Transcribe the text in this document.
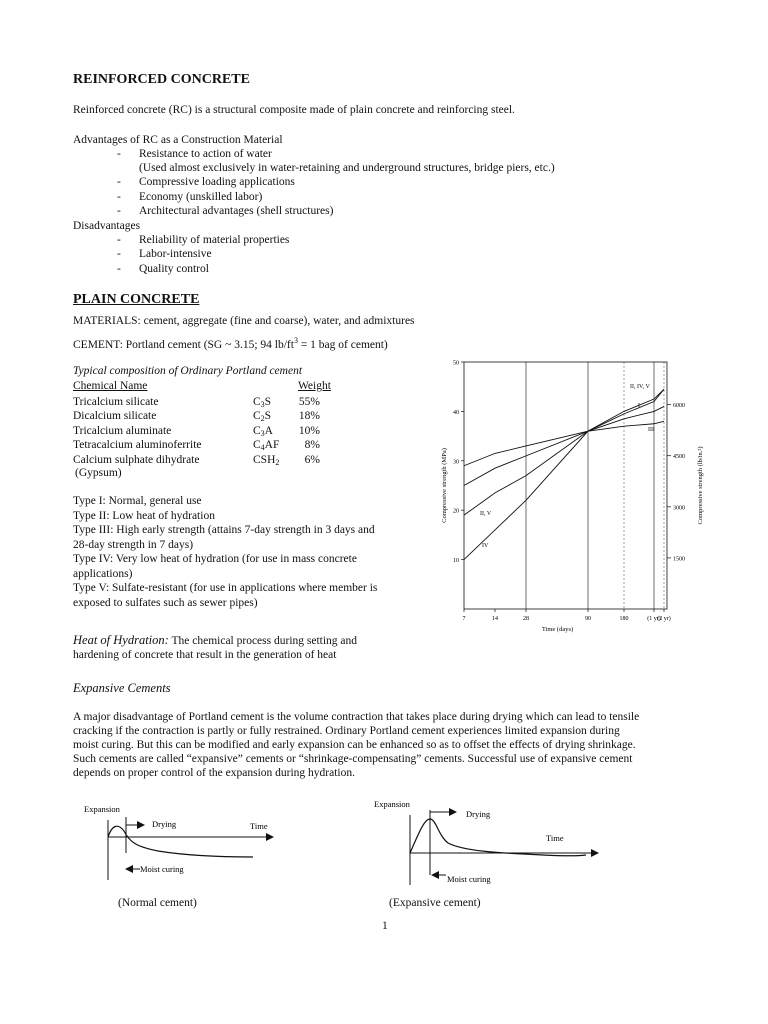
REINFORCED CONCRETE
Reinforced concrete (RC) is a structural composite made of plain concrete and reinforcing steel.
Advantages of RC as a Construction Material
- Resistance to action of water
(Used almost exclusively in water-retaining and underground structures, bridge piers, etc.)
- Compressive loading applications
- Economy (unskilled labor)
- Architectural advantages (shell structures)
Disadvantages
- Reliability of material properties
- Labor-intensive
- Quality control
PLAIN CONCRETE
MATERIALS: cement, aggregate (fine and coarse), water, and admixtures
CEMENT: Portland cement (SG ~ 3.15; 94 $lb/ft^3 = 1$ bag of cement)
Typical composition of Ordinary Portland cement
Chemical Name	Weight
Tricalcium silicate	$C_3S$	55%
Dicalcium silicate	$C_2S$	18%
Tricalcium aluminate	$C_3A$	10%
Tetracalcium aluminoferrite	$C_4AF$	8%
Calcium sulphate dihydrate	$CSH_2$	6%
(Gypsum)
Type I: Normal, general use
Type II: Low heat of hydration
Type III: High early strength (attains 7-day strength in 3 days and
28-day strength in 7 days)
Type IV: Very low heat of hydration (for use in mass concrete
applications)
Type V: Sulfate-resistant (for use in applications where member is
exposed to sulfates such as sewer pipes)
Heat of Hydration: The chemical process during setting and
hardening of concrete that result in the generation of heat
Expansive Cements
A major disadvantage of Portland cement is the volume contraction that takes place during drying which can lead to tensile
cracking if the contraction is partly or fully restrained. Ordinary Portland cement experiences limited expansion during
moist curing. But this can be modified and early expansion can be enhanced so as to offset the effects of drying shrinkage.
Such cements are called “expansive” cements or “shrinkage-compensating” cements. Successful use of expansive cement
depends on proper control of the expansion during hydration.
10
20
30
40
50
1500
3000
4500
6000
7	14	28	90	180	(1 yr)
(2 yr)
Time (days)
Compressive strength (MPa)	Compressive strength (lb/in.²)
II, IV, V
I
III
II, V
IV
Expansion
Drying	Time
Moist curing
(Normal cement)
Expansion
Drying
Time
Moist curing
(Expansive cement)
1
